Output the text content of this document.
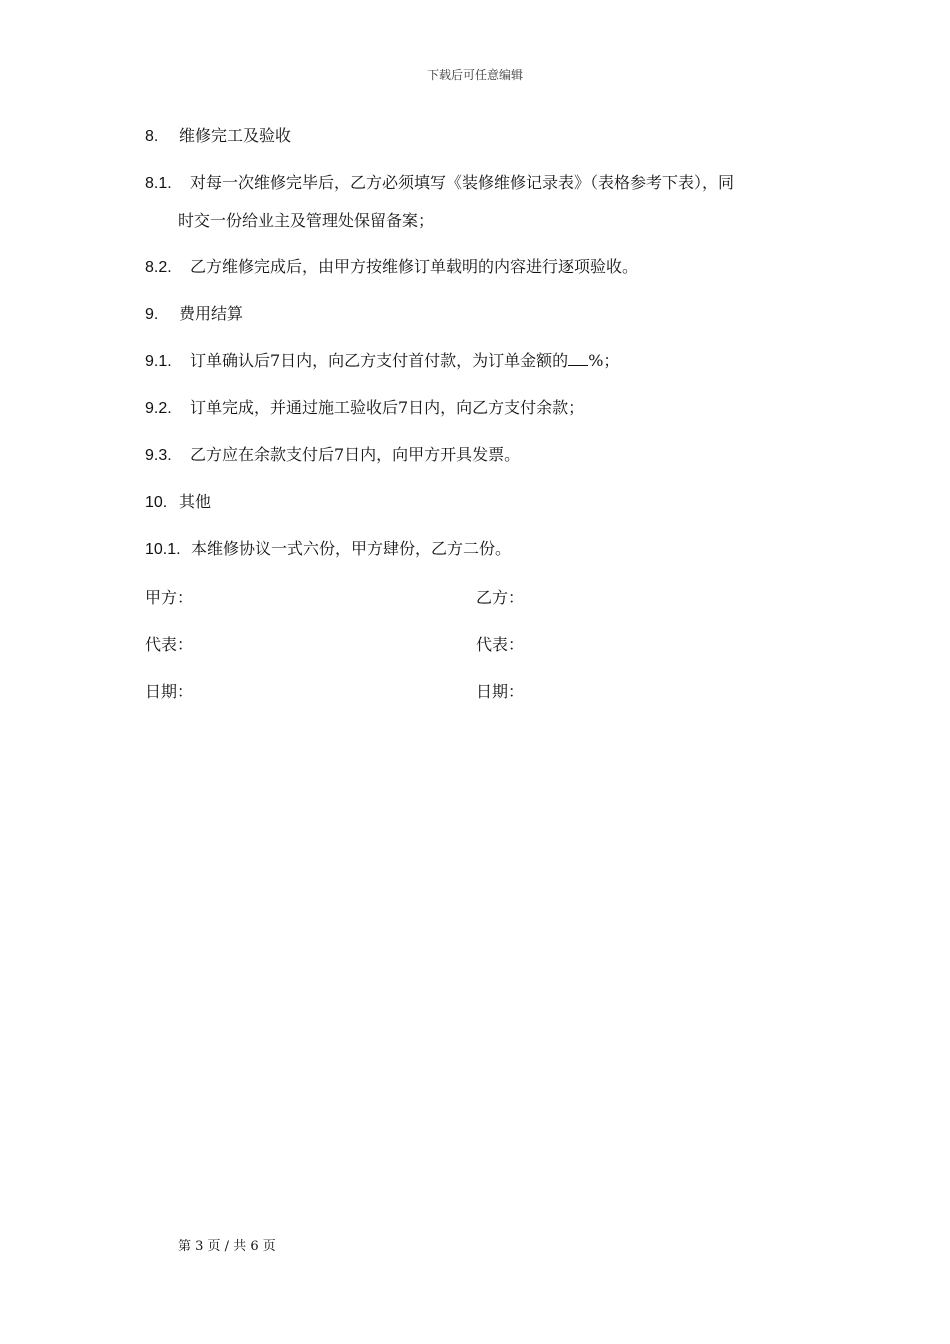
下载后可任意编辑
8. 维修完工及验收
8.1. 对每一次维修完毕后，乙方必须填写《装修维修记录表》（表格参考下表），同
时交一份给业主及管理处保留备案；
8.2. 乙方维修完成后，由甲方按维修订单载明的内容进行逐项验收。
9. 费用结算
9.1. 订单确认后7日内，向乙方支付首付款，为订单金额的 %；
9.2. 订单完成，并通过施工验收后7日内，向乙方支付余款；
9.3. 乙方应在余款支付后7日内，向甲方开具发票。
10. 其他
10.1. 本维修协议一式六份，甲方肆份，乙方二份。
甲方：	乙方：
代表：	代表：
日期：	日期：
第 3 页 / 共 6 页
